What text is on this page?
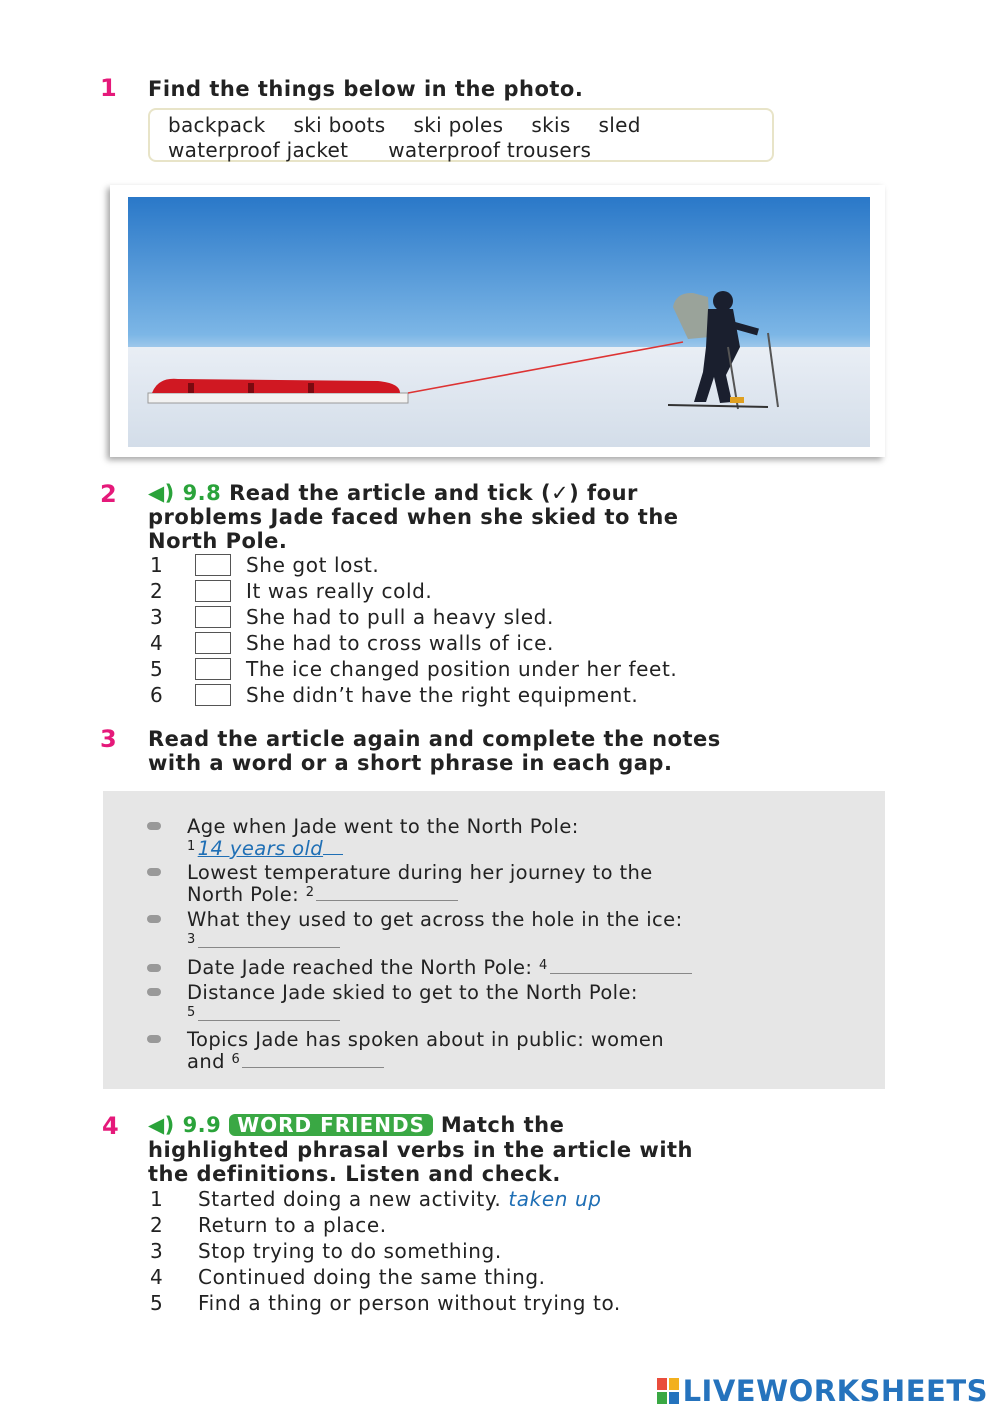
1 Find the things below in the photo.
backpack ski boots ski poles skis sled
waterproof jacket waterproof trousers
2 ◀) 9.8 Read the article and tick (✓) four
problems Jade faced when she skied to the
North Pole.
1	She got lost.
2	It was really cold.
3	She had to pull a heavy sled.
4	She had to cross walls of ice.
5	The ice changed position under her feet.
6	She didn’t have the right equipment.
3 Read the article again and complete the notes
with a word or a short phrase in each gap.
Age when Jade went to the North Pole:
$^1$ 14 years old
Lowest temperature during her journey to the
North Pole: $^2$
What they used to get across the hole in the ice:
$^3$
Date Jade reached the North Pole: $^4$
Distance Jade skied to get to the North Pole:
$^5$
Topics Jade has spoken about in public: women
and $^6$
4 ◀) 9.9 WORD FRIENDS Match the
highlighted phrasal verbs in the article with
the definitions. Listen and check.
1 Started doing a new activity. taken up
2 Return to a place.
3 Stop trying to do something.
4 Continued doing the same thing.
5 Find a thing or person without trying to.
LIVEWORKSHEETS
